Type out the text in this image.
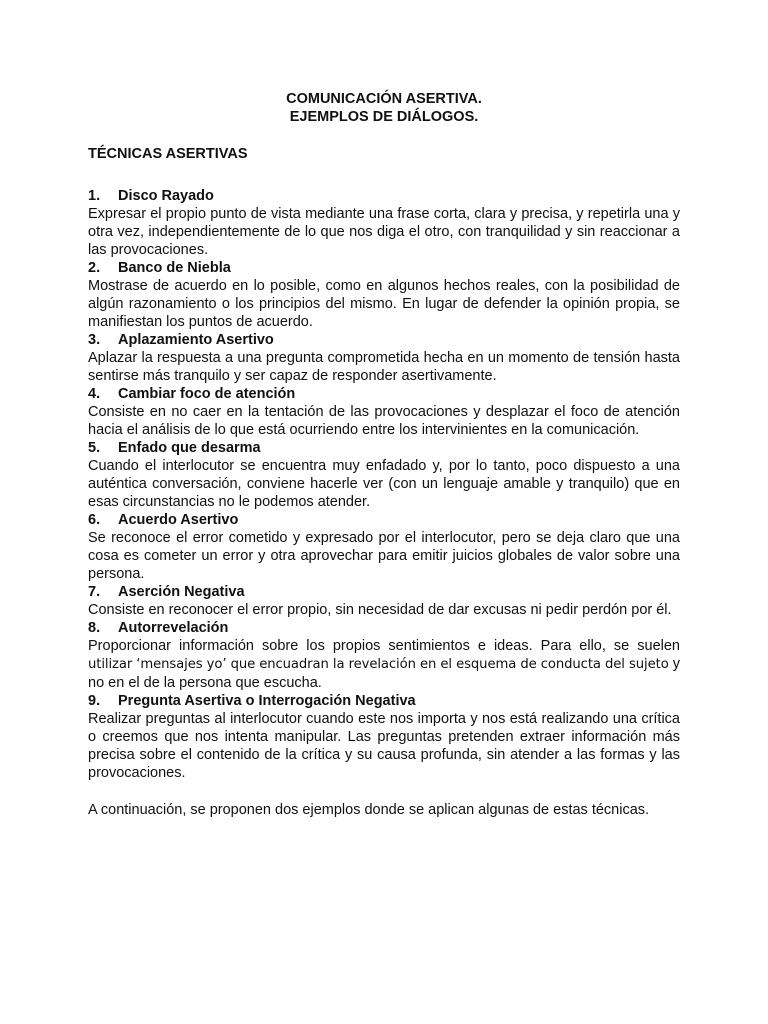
COMUNICACIÓN ASERTIVA.
EJEMPLOS DE DIÁLOGOS.
TÉCNICAS ASERTIVAS
1.	Disco Rayado
Expresar el propio punto de vista mediante una frase corta, clara y precisa, y repetirla una y otra vez, independientemente de lo que nos diga el otro, con tranquilidad y sin reaccionar a las provocaciones.
2.	Banco de Niebla
Mostrase de acuerdo en lo posible, como en algunos hechos reales, con la posibilidad de algún razonamiento o los principios del mismo. En lugar de defender la opinión propia, se manifiestan los puntos de acuerdo.
3.	Aplazamiento Asertivo
Aplazar la respuesta a una pregunta comprometida hecha en un momento de tensión hasta sentirse más tranquilo y ser capaz de responder asertivamente.
4.	Cambiar foco de atención
Consiste en no caer en la tentación de las provocaciones y desplazar el foco de atención hacia el análisis de lo que está ocurriendo entre los intervinientes en la comunicación.
5.	Enfado que desarma
Cuando el interlocutor se encuentra muy enfadado y, por lo tanto, poco dispuesto a una auténtica conversación, conviene hacerle ver (con un lenguaje amable y tranquilo) que en esas circunstancias no le podemos atender.
6.	Acuerdo Asertivo
Se reconoce el error cometido y expresado por el interlocutor, pero se deja claro que una cosa es cometer un error y otra aprovechar para emitir juicios globales de valor sobre una persona.
7.	Aserción Negativa
Consiste en reconocer el error propio, sin necesidad de dar excusas ni pedir perdón por él.
8.	Autorrevelación
Proporcionar información sobre los propios sentimientos e ideas. Para ello, se suelen utilizar ‘mensajes yo’ que encuadran la revelación en el esquema de conducta del sujeto y no en el de la persona que escucha.
9.	Pregunta Asertiva o Interrogación Negativa
Realizar preguntas al interlocutor cuando este nos importa y nos está realizando una crítica o creemos que nos intenta manipular. Las preguntas pretenden extraer información más precisa sobre el contenido de la crítica y su causa profunda, sin atender a las formas y las provocaciones.
A continuación, se proponen dos ejemplos donde se aplican algunas de estas técnicas.
